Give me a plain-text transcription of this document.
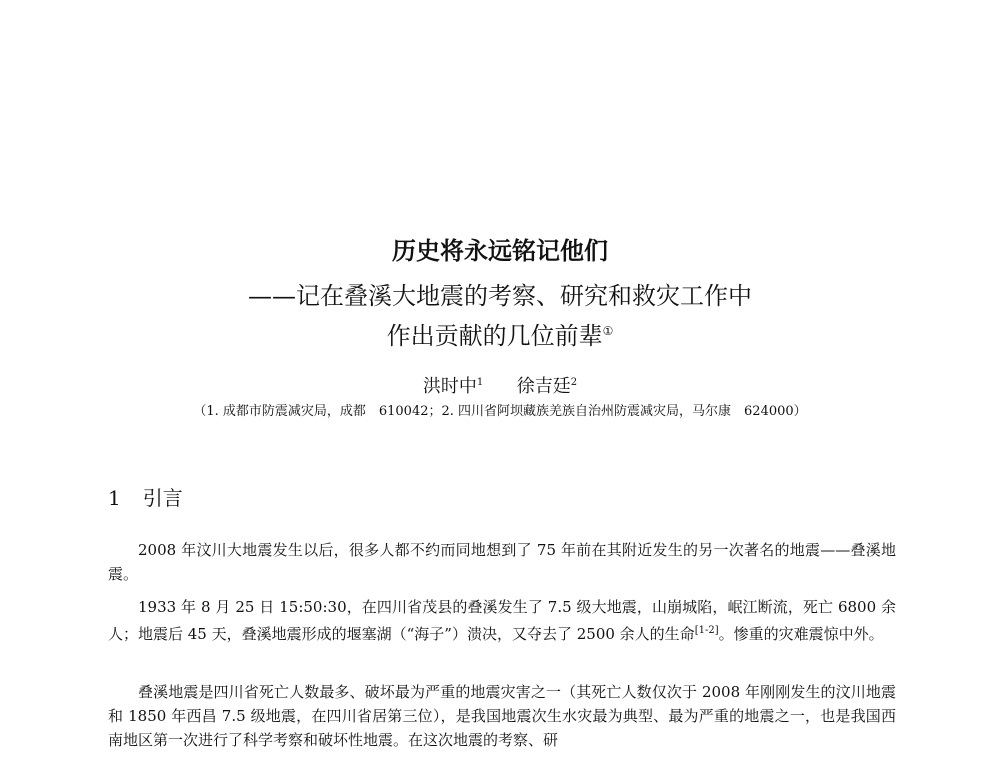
历史将永远铭记他们
——记在叠溪大地震的考察、研究和救灾工作中
作出贡献的几位前辈①
洪时中$^1$ 徐吉廷$^2$
（1. 成都市防震减灾局，成都　610042；2. 四川省阿坝藏族羌族自治州防震减灾局，马尔康　624000）
1 引言

2008 年汶川大地震发生以后，很多人都不约而同地想到了 75 年前在其附近发生的另一次著名的地震——叠溪地震。

1933 年 8 月 25 日 15:50:30，在四川省茂县的叠溪发生了 7.5 级大地震，山崩城陷，岷江断流，死亡 6800 余人；地震后 45 天，叠溪地震形成的堰塞湖（“海子”）溃决，又夺去了 2500 余人的生命[1-2]。惨重的灾难震惊中外。

叠溪地震是四川省死亡人数最多、破坏最为严重的地震灾害之一（其死亡人数仅次于 2008 年刚刚发生的汶川地震和 1850 年西昌 7.5 级地震，在四川省居第三位），是我国地震次生水灾最为典型、最为严重的地震之一，也是我国西南地区第一次进行了科学考察和破坏性地震。在这次地震的考察、研
